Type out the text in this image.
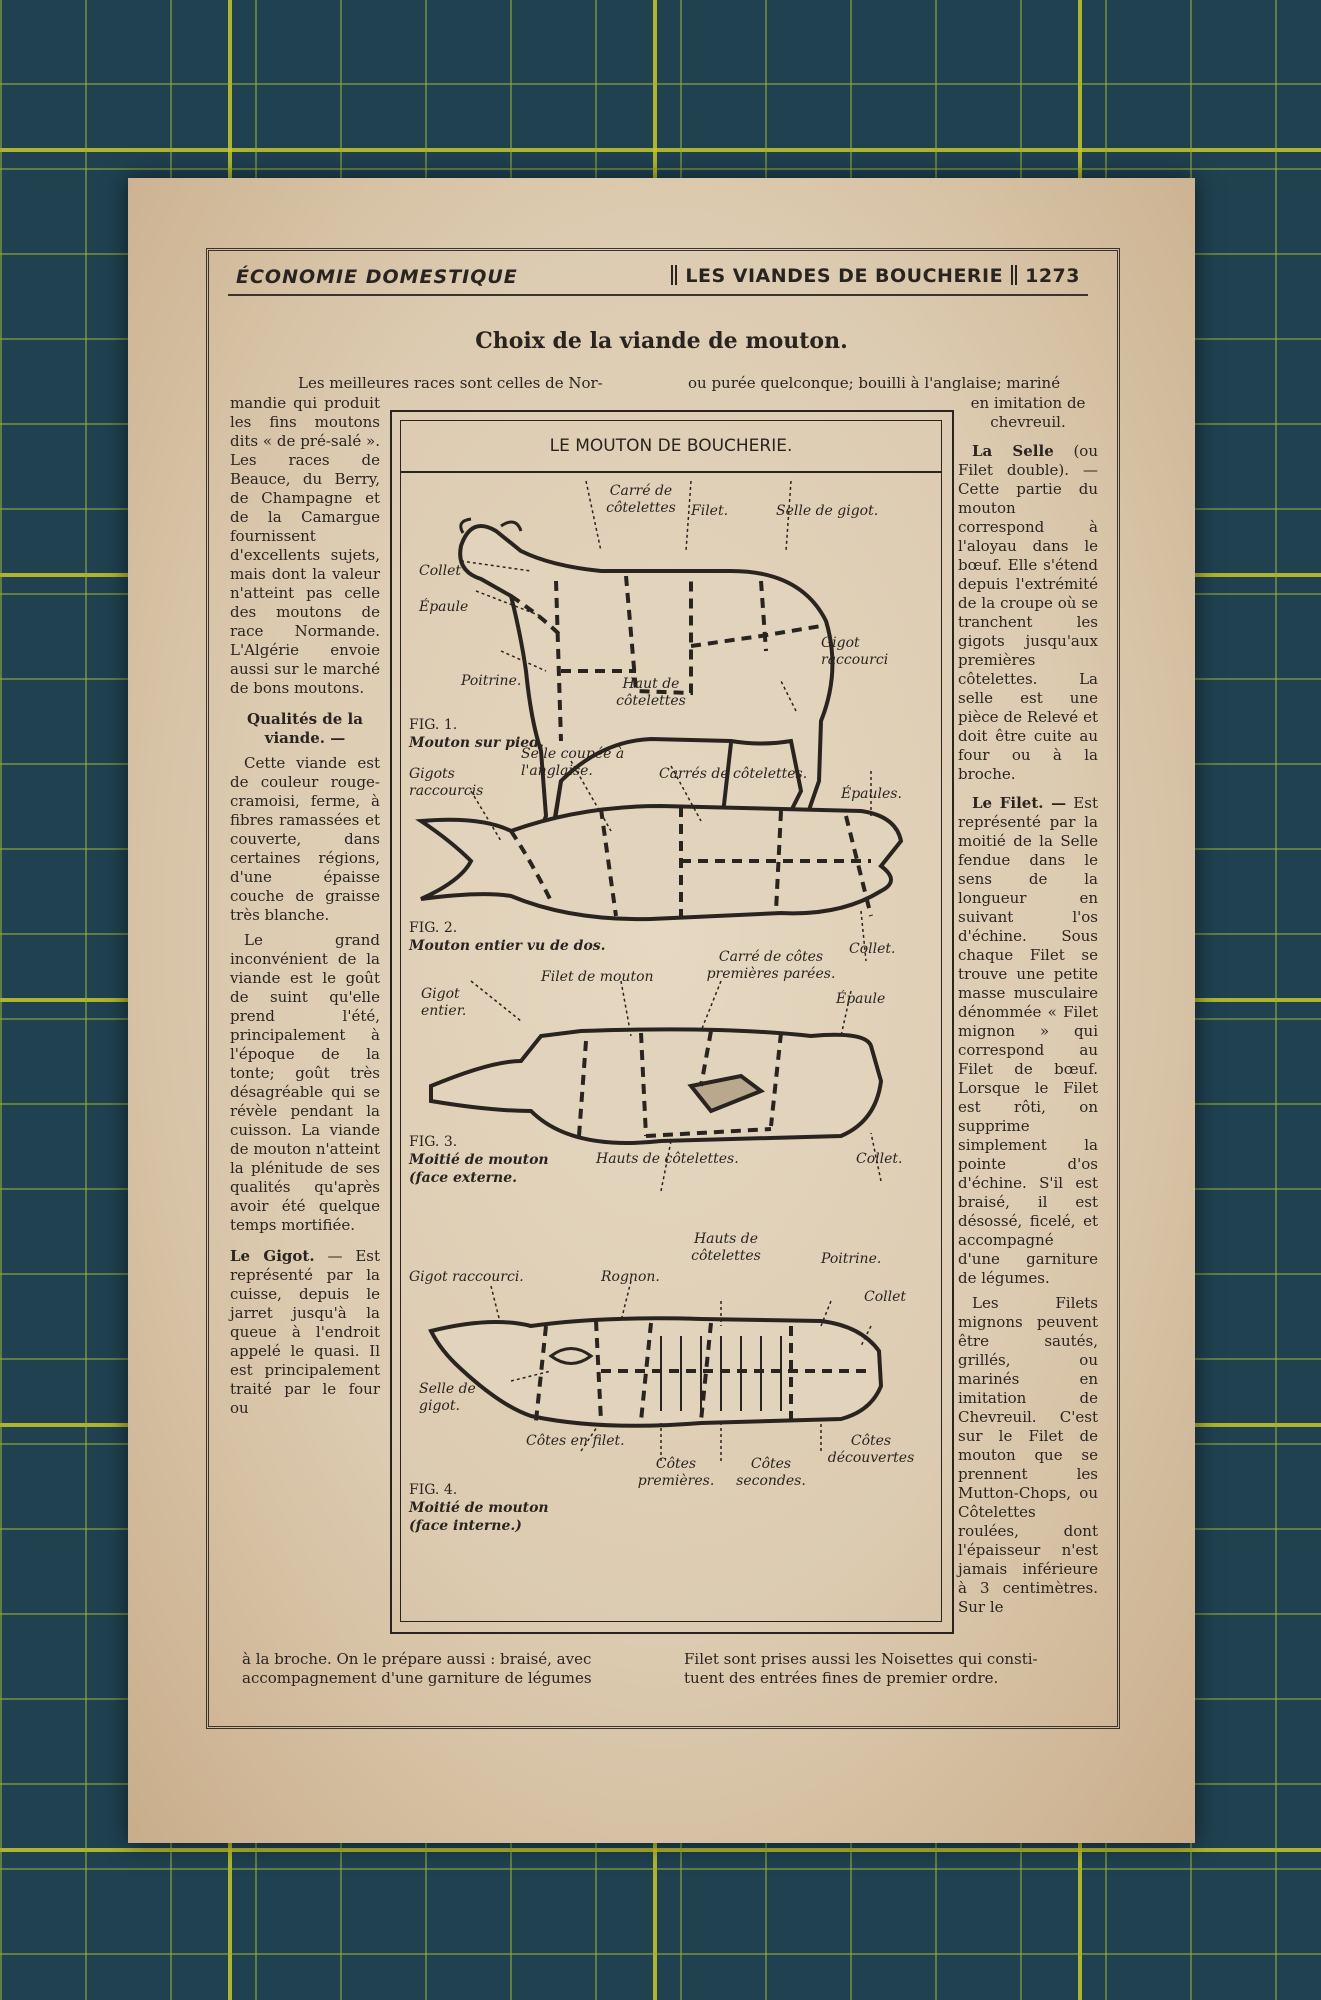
ÉCONOMIE DOMESTIQUE	LES VIANDES DE BOUCHERIE 1273
Choix de la viande de mouton.
Les meilleures races sont celles de Nor-	ou purée quelconque; bouilli à l'anglaise; mariné

mandie qui produit les fins moutons dits « de pré-salé ». Les races de Beauce, du Berry, de Champagne et de la Camargue fournissent d'excellents sujets, mais dont la valeur n'atteint pas celle des moutons de race Normande. L'Algérie envoie aussi sur le marché de bons moutons.

Qualités de la viande. —

Cette viande est de couleur rouge-cramoisi, ferme, à fibres ramassées et couverte, dans certaines régions, d'une épaisse couche de graisse très blanche.

Le grand inconvénient de la viande est le goût de suint qu'elle prend l'été, principalement à l'époque de la tonte; goût très désagréable qui se révèle pendant la cuisson. La viande de mouton n'atteint la plénitude de ses qualités qu'après avoir été quelque temps mortifiée.

Le Gigot. — Est représenté par la cuisse, depuis le jarret jusqu'à la queue à l'endroit appelé le quasi. Il est principalement traité par le four ou

en imitation de chevreuil.

La Selle (ou Filet double). — Cette partie du mouton correspond à l'aloyau dans le bœuf. Elle s'étend depuis l'extrémité de la croupe où se tranchent les gigots jusqu'aux premières côtelettes. La selle est une pièce de Relevé et doit être cuite au four ou à la broche.

Le Filet. — Est représenté par la moitié de la Selle fendue dans le sens de la longueur en suivant l'os d'échine. Sous chaque Filet se trouve une petite masse musculaire dénommée « Filet mignon » qui correspond au Filet de bœuf. Lorsque le Filet est rôti, on supprime simplement la pointe d'os d'échine. S'il est braisé, il est désossé, ficelé, et accompagné d'une garniture de légumes.

Les Filets mignons peuvent être sautés, grillés, ou marinés en imitation de Chevreuil. C'est sur le Filet de mouton que se prennent les Mutton-Chops, ou Côtelettes roulées, dont l'épaisseur n'est jamais inférieure à 3 centimètres. Sur le

à la broche. On le prépare aussi : braisé, avec
accompagnement d'une garniture de légumes
Filet sont prises aussi les Noisettes qui consti-
tuent des entrées fines de premier ordre.
LE MOUTON DE BOUCHERIE.
Carré de côtelettes	Filet.	Selle de gigot.
Collet
Épaule
Gigot raccourci
Poitrine.	Haut de côtelettes
FIG. 1.
Mouton sur pied.
Gigots raccourcis
Selle coupée à l'anglaise.	Carrés de côtelettes.
Épaules.
Collet.
FIG. 2.
Mouton entier vu de dos.
Gigot entier.
Filet de mouton
Carré de côtes premières parées.
Épaule
Hauts de côtelettes.	Collet.
FIG. 3.
Moitié de mouton (face externe.
Gigot raccourci.	Rognon.
Hauts de côtelettes	Poitrine.
Collet
Selle de gigot.
Côtes en filet.
Côtes premières.
Côtes secondes.
Côtes découvertes
FIG. 4.
Moitié de mouton (face interne.)
